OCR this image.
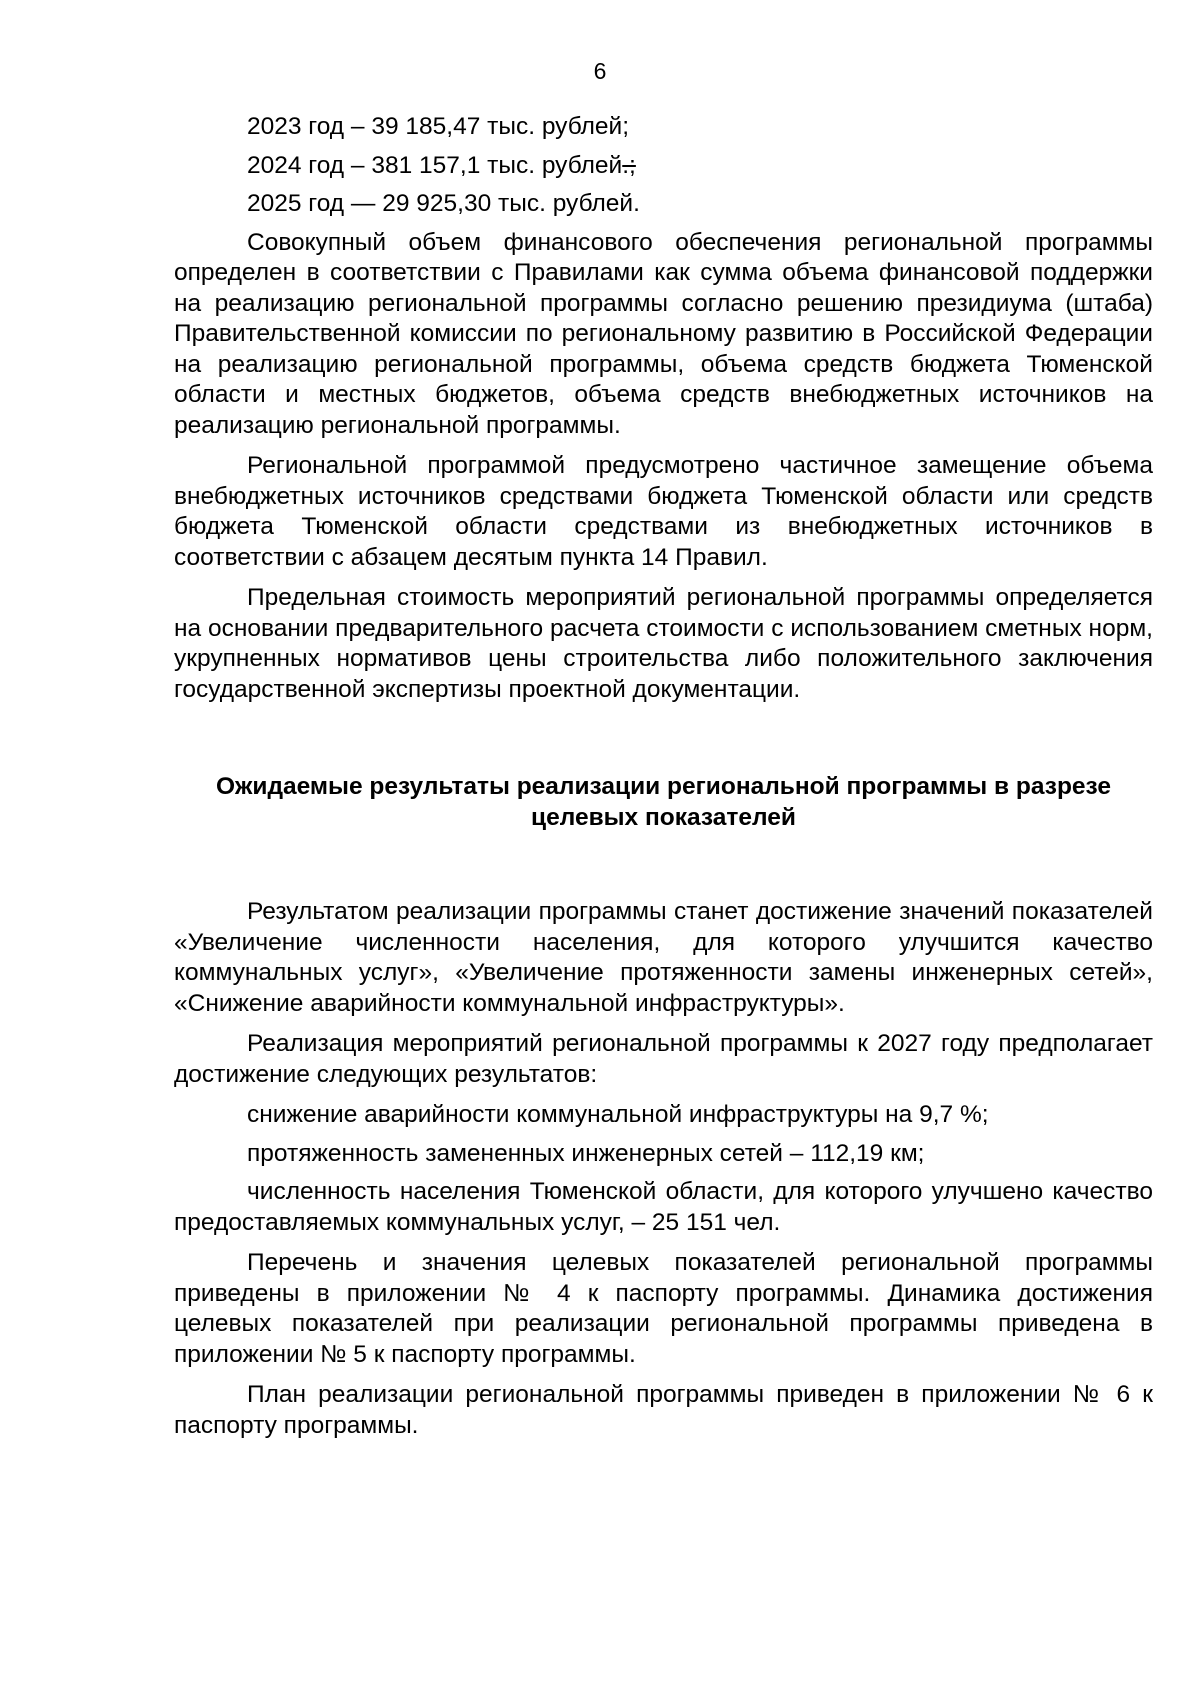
6
2023 год – 39 185,47 тыс. рублей;
2024 год – 381 157,1 тыс. рублей.;
2025 год — 29 925,30 тыс. рублей.

Совокупный объем финансового обеспечения региональной программы определен в соответствии с Правилами как сумма объема финансовой поддержки на реализацию региональной программы согласно решению президиума (штаба) Правительственной комиссии по региональному развитию в Российской Федерации на реализацию региональной программы, объема средств бюджета Тюменской области и местных бюджетов, объема средств внебюджетных источников на реализацию региональной программы.

Региональной программой предусмотрено частичное замещение объема внебюджетных источников средствами бюджета Тюменской области или средств бюджета Тюменской области средствами из внебюджетных источников в соответствии с абзацем десятым пункта 14 Правил.

Предельная стоимость мероприятий региональной программы определяется на основании предварительного расчета стоимости с использованием сметных норм, укрупненных нормативов цены строительства либо положительного заключения государственной экспертизы проектной документации.

Ожидаемые результаты реализации региональной программы в разрезе целевых показателей

Результатом реализации программы станет достижение значений показателей «Увеличение численности населения, для которого улучшится качество коммунальных услуг», «Увеличение протяженности замены инженерных сетей», «Снижение аварийности коммунальной инфраструктуры».

Реализация мероприятий региональной программы к 2027 году предполагает достижение следующих результатов:

снижение аварийности коммунальной инфраструктуры на 9,7 %;
протяженность замененных инженерных сетей – 112,19 км;

численность населения Тюменской области, для которого улучшено качество предоставляемых коммунальных услуг, – 25 151 чел.

Перечень и значения целевых показателей региональной программы приведены в приложении № 4 к паспорту программы. Динамика достижения целевых показателей при реализации региональной программы приведена в приложении № 5 к паспорту программы.

План реализации региональной программы приведен в приложении № 6 к паспорту программы.
